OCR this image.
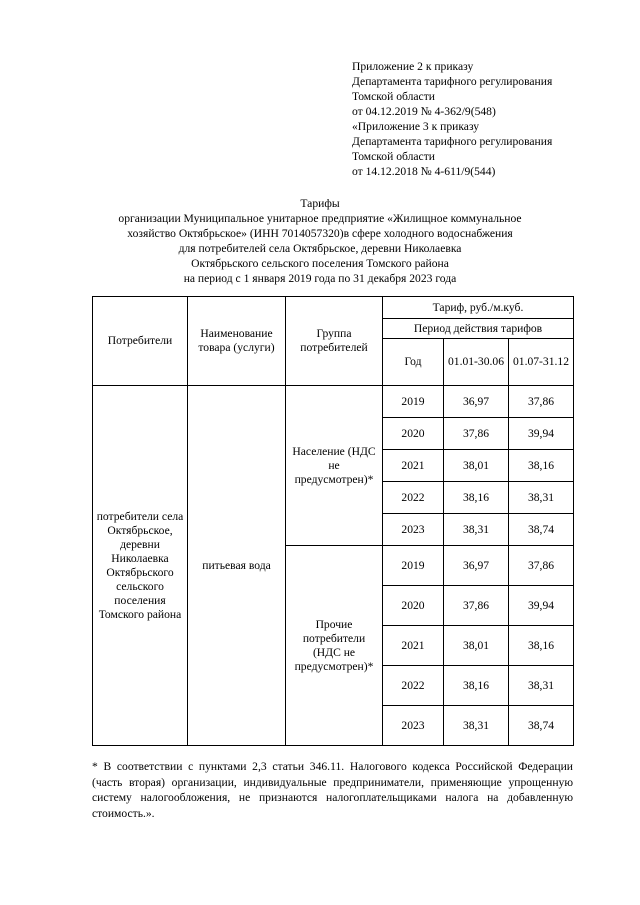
Приложение 2 к приказу
Департамента тарифного регулирования
Томской области
от 04.12.2019 № 4-362/9(548)
«Приложение 3 к приказу
Департамента тарифного регулирования
Томской области
от 14.12.2018 № 4-611/9(544)
Тарифы
организации Муниципальное унитарное предприятие «Жилищное коммунальное
хозяйство Октябрьское» (ИНН 7014057320)в сфере холодного водоснабжения
для потребителей села Октябрьское, деревни Николаевка
Октябрьского сельского поселения Томского района
на период с 1 января 2019 года по 31 декабря 2023 года
Потребители	Наименование товара (услуги)	Группа потребителей	Тариф, руб./м.куб.		
			Период действия тарифов		
			Год	01.01-30.06	01.07-31.12
потребители села Октябрьское, деревни Николаевка Октябрьского сельского поселения Томского района	питьевая вода	Население (НДС не предусмотрен)*	2019	36,97	37,86
			2020	37,86	39,94
			2021	38,01	38,16
			2022	38,16	38,31
			2023	38,31	38,74
		Прочие потребители (НДС не предусмотрен)*	2019	36,97	37,86
			2020	37,86	39,94
			2021	38,01	38,16
			2022	38,16	38,31
			2023	38,31	38,74
* В соответствии с пунктами 2,3 статьи 346.11. Налогового кодекса Российской Федерации (часть вторая) организации, индивидуальные предприниматели, применяющие упрощенную систему налогообложения, не признаются налогоплательщиками налога на добавленную стоимость.».
